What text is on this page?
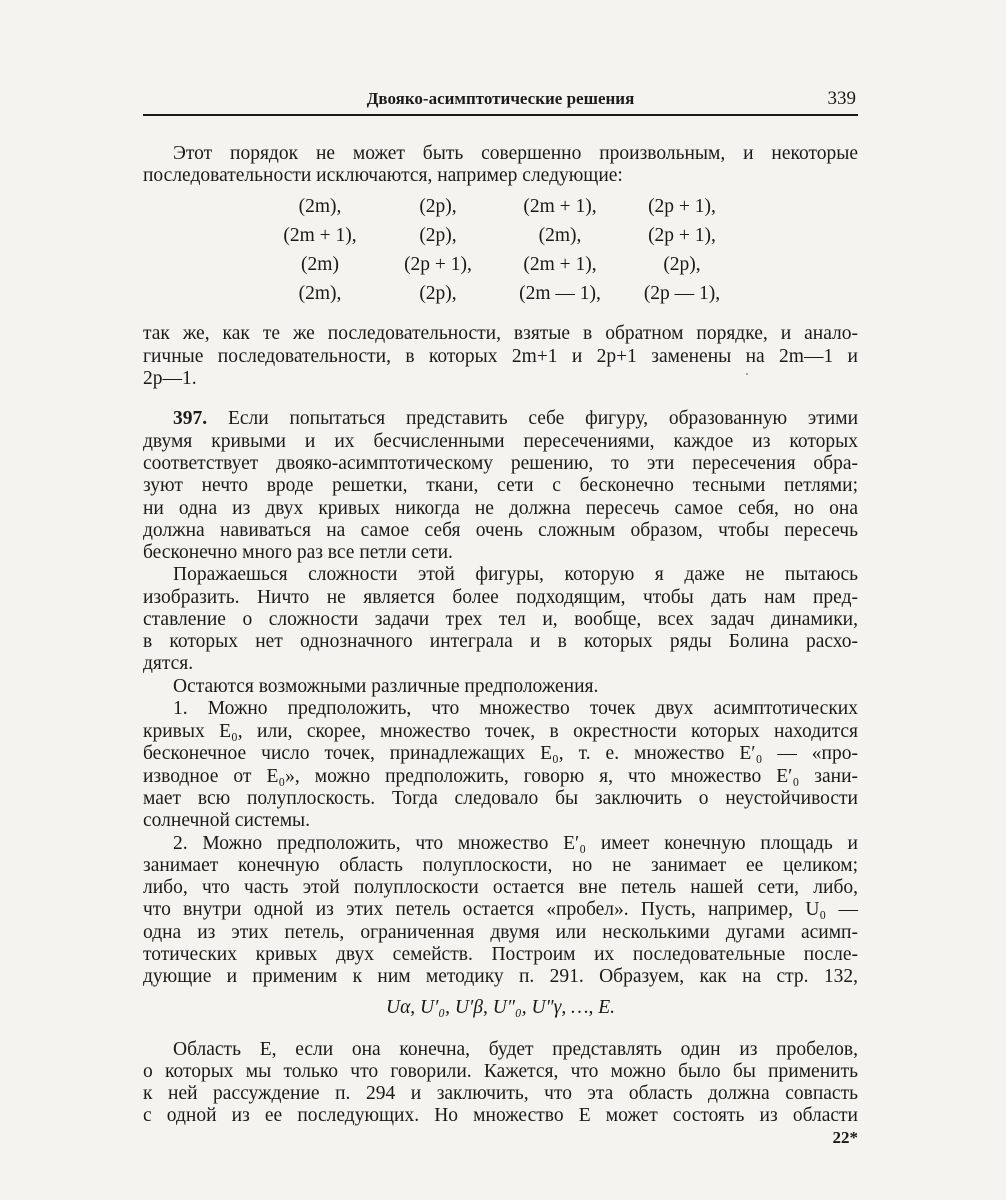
Двояко-асимптотические решения	339
Этот порядок не может быть совершенно произвольным, и некоторые
последовательности исключаются, например следующие:
(2m),	(2p),	(2m + 1),	(2p + 1),
(2m + 1),	(2p),	(2m),	(2p + 1),
(2m)	(2p + 1),	(2m + 1),	(2p),
(2m),	(2p),	(2m — 1),	(2p — 1),
так же, как те же последовательности, взятые в обратном порядке, и анало-
гичные последовательности, в которых 2m+1 и 2p+1 заменены на 2m—1 и
2p—1.
397. Если попытаться представить себе фигуру, образованную этими
двумя кривыми и их бесчисленными пересечениями, каждое из которых
соответствует двояко-асимптотическому решению, то эти пересечения обра-
зуют нечто вроде решетки, ткани, сети с бесконечно тесными петлями;
ни одна из двух кривых никогда не должна пересечь самое себя, но она
должна навиваться на самое себя очень сложным образом, чтобы пересечь
бесконечно много раз все петли сети.
Поражаешься сложности этой фигуры, которую я даже не пытаюсь
изобразить. Ничто не является более подходящим, чтобы дать нам пред-
ставление о сложности задачи трех тел и, вообще, всех задач динамики,
в которых нет однозначного интеграла и в которых ряды Болина расхо-
дятся.
Остаются возможными различные предположения.
1. Можно предположить, что множество точек двух асимптотических
кривых E₀, или, скорее, множество точек, в окрестности которых находится
бесконечное число точек, принадлежащих E₀, т. е. множество E′₀ — «про-
изводное от E₀», можно предположить, говорю я, что множество E′₀ зани-
мает всю полуплоскость. Тогда следовало бы заключить о неустойчивости
солнечной системы.
2. Можно предположить, что множество E′₀ имеет конечную площадь и
занимает конечную область полуплоскости, но не занимает ее целиком;
либо, что часть этой полуплоскости остается вне петель нашей сети, либо,
что внутри одной из этих петель остается «пробел». Пусть, например, U₀ —
одна из этих петель, ограниченная двумя или несколькими дугами асимп-
тотических кривых двух семейств. Построим их последовательные после-
дующие и применим к ним методику п. 291. Образуем, как на стр. 132,
Uα, U′₀, U′β, U″₀, U″γ, …, E.
Область E, если она конечна, будет представлять один из пробелов,
о которых мы только что говорили. Кажется, что можно было бы применить
к ней рассуждение п. 294 и заключить, что эта область должна совпасть
с одной из ее последующих. Но множество E может состоять из области
22*
